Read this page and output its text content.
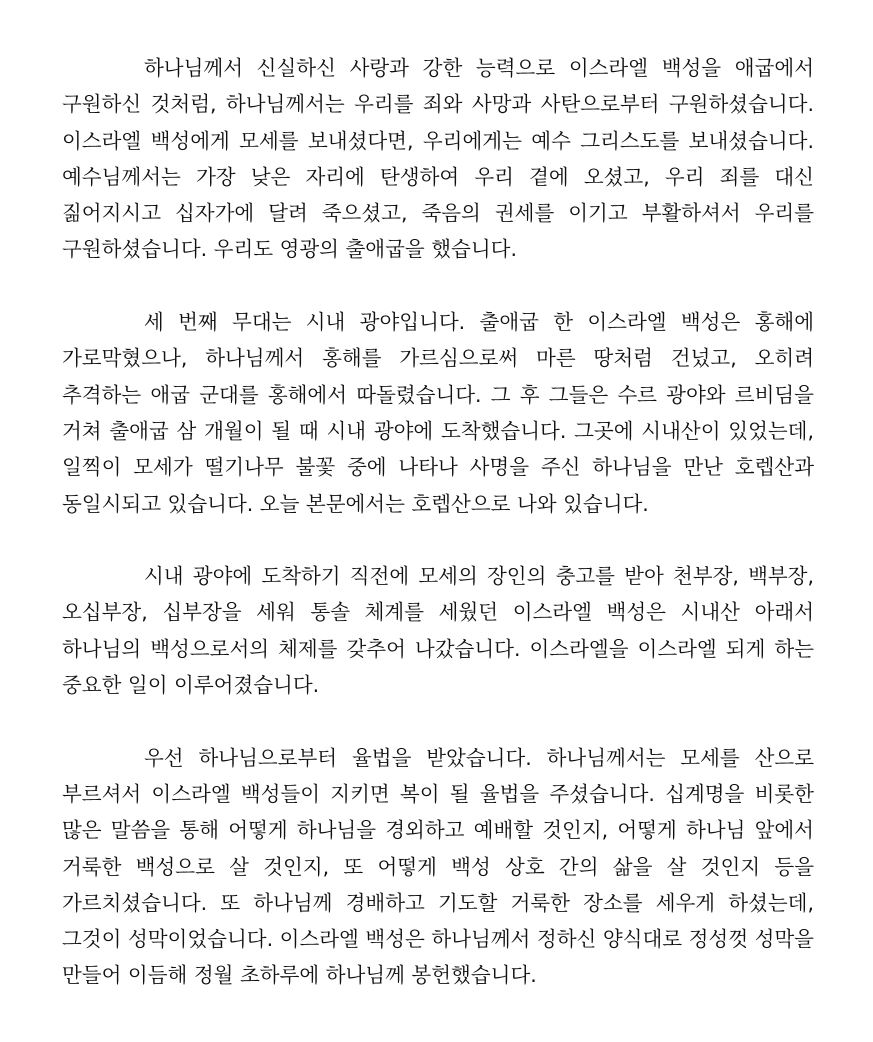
하나님께서 신실하신 사랑과 강한 능력으로 이스라엘 백성을 애굽에서 구원하신 것처럼, 하나님께서는 우리를 죄와 사망과 사탄으로부터 구원하셨습니다. 이스라엘 백성에게 모세를 보내셨다면, 우리에게는 예수 그리스도를 보내셨습니다. 예수님께서는 가장 낮은 자리에 탄생하여 우리 곁에 오셨고, 우리 죄를 대신 짊어지시고 십자가에 달려 죽으셨고, 죽음의 권세를 이기고 부활하셔서 우리를 구원하셨습니다. 우리도 영광의 출애굽을 했습니다.

세 번째 무대는 시내 광야입니다. 출애굽 한 이스라엘 백성은 홍해에 가로막혔으나, 하나님께서 홍해를 가르심으로써 마른 땅처럼 건넜고, 오히려 추격하는 애굽 군대를 홍해에서 따돌렸습니다. 그 후 그들은 수르 광야와 르비딤을 거쳐 출애굽 삼 개월이 될 때 시내 광야에 도착했습니다. 그곳에 시내산이 있었는데, 일찍이 모세가 떨기나무 불꽃 중에 나타나 사명을 주신 하나님을 만난 호렙산과 동일시되고 있습니다. 오늘 본문에서는 호렙산으로 나와 있습니다.

시내 광야에 도착하기 직전에 모세의 장인의 충고를 받아 천부장, 백부장, 오십부장, 십부장을 세워 통솔 체계를 세웠던 이스라엘 백성은 시내산 아래서 하나님의 백성으로서의 체제를 갖추어 나갔습니다. 이스라엘을 이스라엘 되게 하는 중요한 일이 이루어졌습니다.

우선 하나님으로부터 율법을 받았습니다. 하나님께서는 모세를 산으로 부르셔서 이스라엘 백성들이 지키면 복이 될 율법을 주셨습니다. 십계명을 비롯한 많은 말씀을 통해 어떻게 하나님을 경외하고 예배할 것인지, 어떻게 하나님 앞에서 거룩한 백성으로 살 것인지, 또 어떻게 백성 상호 간의 삶을 살 것인지 등을 가르치셨습니다. 또 하나님께 경배하고 기도할 거룩한 장소를 세우게 하셨는데, 그것이 성막이었습니다. 이스라엘 백성은 하나님께서 정하신 양식대로 정성껏 성막을 만들어 이듬해 정월 초하루에 하나님께 봉헌했습니다.
